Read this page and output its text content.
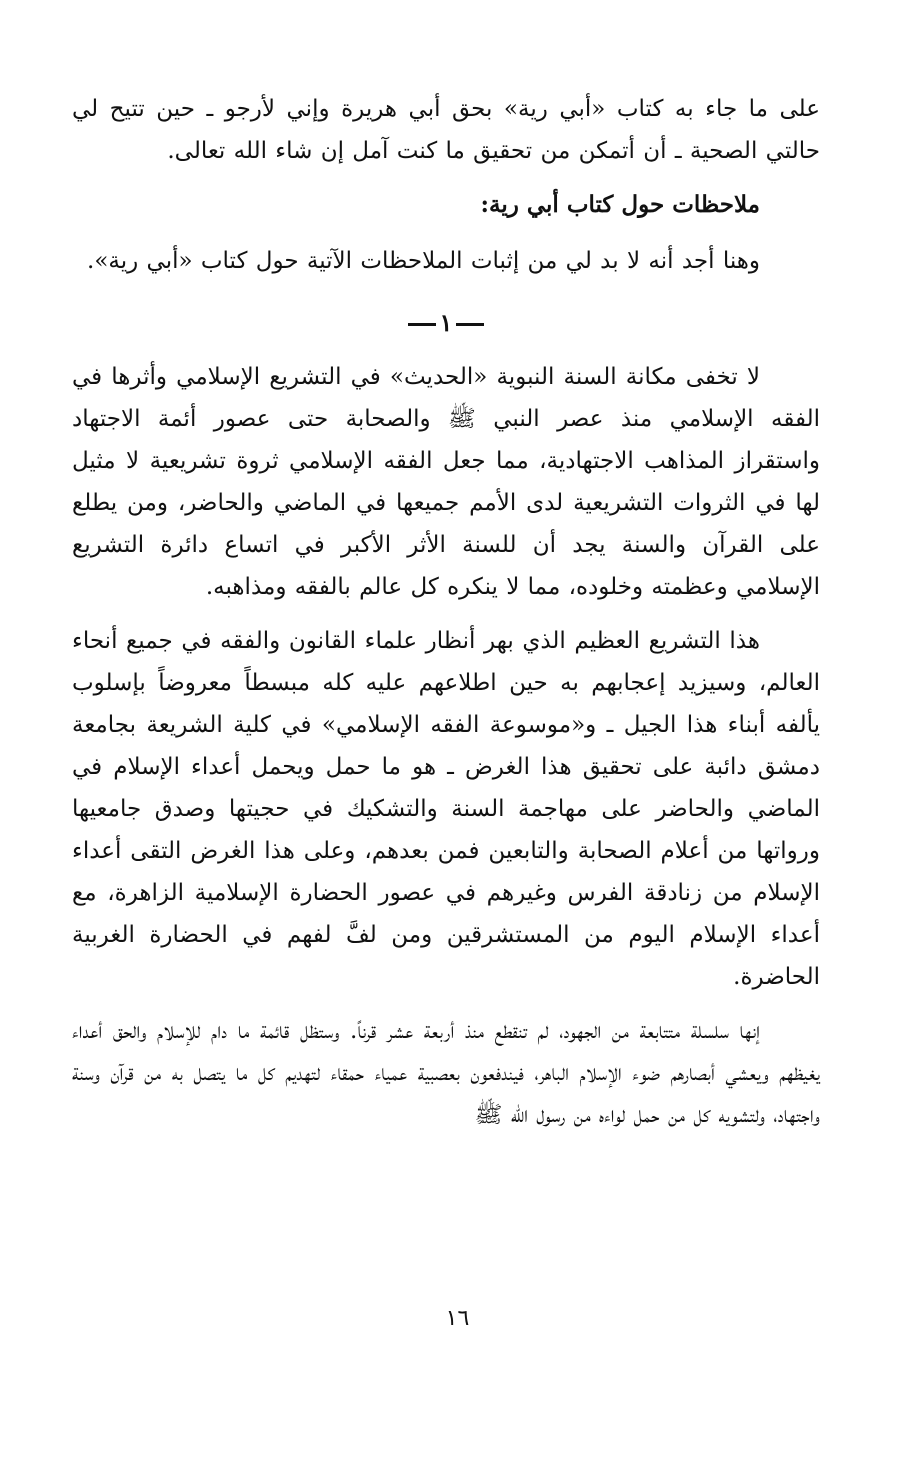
على ما جاء به كتاب «أبي رية» بحق أبي هريرة وإني لأرجو ـ حين تتيح لي حالتي الصحية ـ أن أتمكن من تحقيق ما كنت آمل إن شاء الله تعالى.

ملاحظات حول كتاب أبي رية:

وهنا أجد أنه لا بد لي من إثبات الملاحظات الآتية حول كتاب «أبي رية».

١

لا تخفى مكانة السنة النبوية «الحديث» في التشريع الإسلامي وأثرها في الفقه الإسلامي منذ عصر النبي ﷺ والصحابة حتى عصور أئمة الاجتهاد واستقراز المذاهب الاجتهادية، مما جعل الفقه الإسلامي ثروة تشريعية لا مثيل لها في الثروات التشريعية لدى الأمم جميعها في الماضي والحاضر، ومن يطلع على القرآن والسنة يجد أن للسنة الأثر الأكبر في اتساع دائرة التشريع الإسلامي وعظمته وخلوده، مما لا ينكره كل عالم بالفقه ومذاهبه.

هذا التشريع العظيم الذي بهر أنظار علماء القانون والفقه في جميع أنحاء العالم، وسيزيد إعجابهم به حين اطلاعهم عليه كله مبسطاً معروضاً بإسلوب يألفه أبناء هذا الجيل ـ و«موسوعة الفقه الإسلامي» في كلية الشريعة بجامعة دمشق دائبة على تحقيق هذا الغرض ـ هو ما حمل ويحمل أعداء الإسلام في الماضي والحاضر على مهاجمة السنة والتشكيك في حجيتها وصدق جامعيها ورواتها من أعلام الصحابة والتابعين فمن بعدهم، وعلى هذا الغرض التقى أعداء الإسلام من زنادقة الفرس وغيرهم في عصور الحضارة الإسلامية الزاهرة، مع أعداء الإسلام اليوم من المستشرقين ومن لفَّ لفهم في الحضارة الغربية الحاضرة.

إنها سلسلة متتابعة من الجهود، لم تنقطع منذ أربعة عشر قرناً. وستظل قائمة ما دام للإسلام والحق أعداء يغيظهم ويعشي أبصارهم ضوء الإسلام الباهر، فيندفعون بعصبية عمياء حمقاء لتهديم كل ما يتصل به من قرآن وسنة واجتهاد، ولتشويه كل من حمل لواءه من رسول الله ﷺ

١٦
